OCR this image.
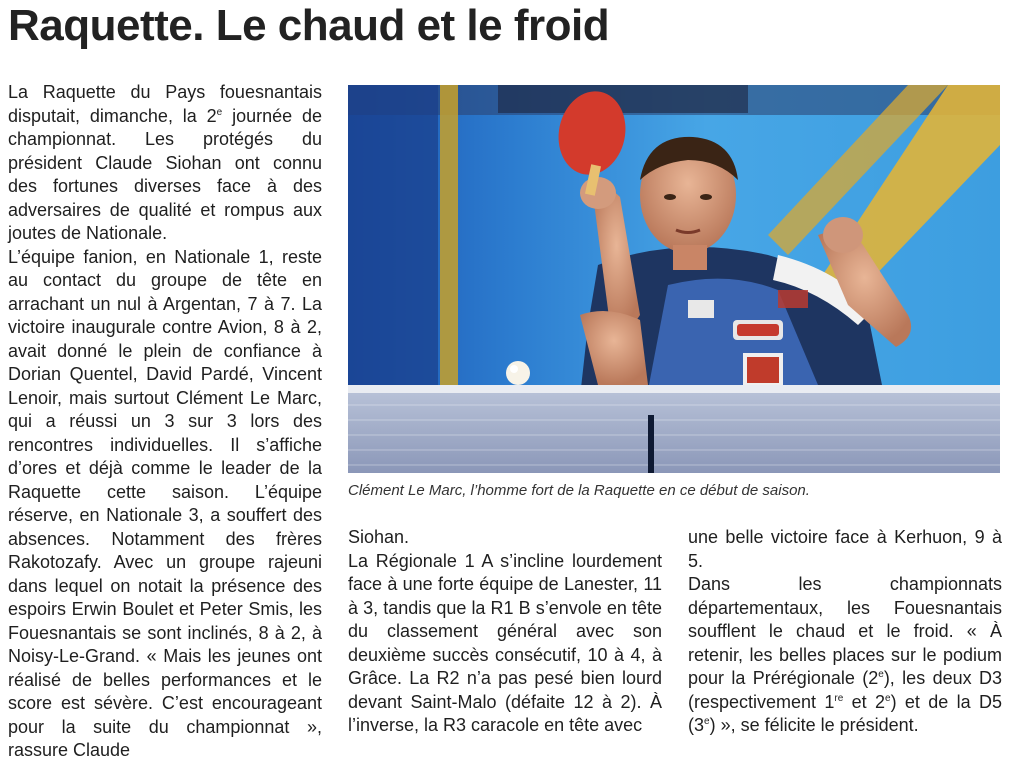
Raquette. Le chaud et le froid

La Raquette du Pays fouesnantais disputait, dimanche, la 2e journée de championnat. Les protégés du président Claude Siohan ont connu des fortunes diverses face à des adversaires de qualité et rompus aux joutes de Nationale.

L’équipe fanion, en Nationale 1, reste au contact du groupe de tête en arrachant un nul à Argentan, 7 à 7. La victoire inaugurale contre Avion, 8 à 2, avait donné le plein de confiance à Dorian Quentel, David Pardé, Vincent Lenoir, mais surtout Clément Le Marc, qui a réussi un 3 sur 3 lors des rencontres individuelles. Il s’affiche d’ores et déjà comme le leader de la Raquette cette saison. L’équipe réserve, en Nationale 3, a souffert des absences. Notamment des frères Rakotozafy. Avec un groupe rajeuni dans lequel on notait la présence des espoirs Erwin Boulet et Peter Smis, les Fouesnantais se sont inclinés, 8 à 2, à Noisy-Le-Grand. « Mais les jeunes ont réalisé de belles performances et le score est sévère. C’est encourageant pour la suite du championnat », rassure Claude

Clément Le Marc, l’homme fort de la Raquette en ce début de saison.

Siohan.

La Régionale 1 A s’incline lourdement face à une forte équipe de Lanester, 11 à 3, tandis que la R1 B s’envole en tête du classement général avec son deuxième succès consécutif, 10 à 4, à Grâce. La R2 n’a pas pesé bien lourd devant Saint-Malo (défaite 12 à 2). À l’inverse, la R3 caracole en tête avec

une belle victoire face à Kerhuon, 9 à 5.

Dans les championnats départementaux, les Fouesnantais soufflent le chaud et le froid. « À retenir, les belles places sur le podium pour la Prérégionale (2e), les deux D3 (respectivement 1re et 2e) et de la D5 (3e) », se félicite le président.
